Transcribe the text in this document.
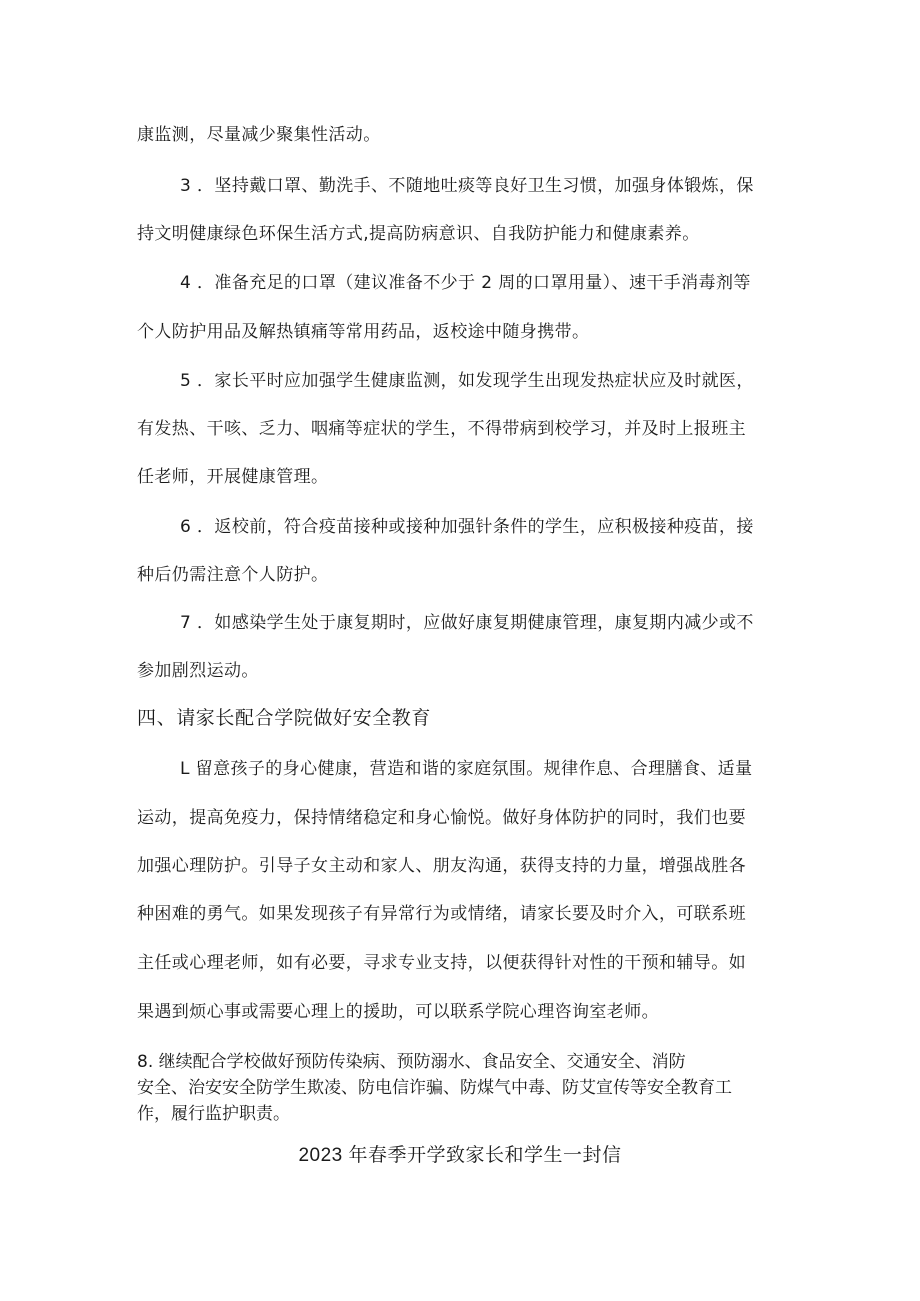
康监测，尽量减少聚集性活动。
3 ．坚持戴口罩、勤洗手、不随地吐痰等良好卫生习惯，加强身体锻炼，保
持文明健康绿色环保生活方式,提高防病意识、自我防护能力和健康素养。
4 ．准备充足的口罩（建议准备不少于 2 周的口罩用量）、速干手消毒剂等
个人防护用品及解热镇痛等常用药品，返校途中随身携带。
5 ．家长平时应加强学生健康监测，如发现学生出现发热症状应及时就医，
有发热、干咳、乏力、咽痛等症状的学生，不得带病到校学习，并及时上报班主
任老师，开展健康管理。
6 ．返校前，符合疫苗接种或接种加强针条件的学生，应积极接种疫苗，接
种后仍需注意个人防护。
7 ．如感染学生处于康复期时，应做好康复期健康管理，康复期内减少或不
参加剧烈运动。
四、请家长配合学院做好安全教育
L 留意孩子的身心健康，营造和谐的家庭氛围。规律作息、合理膳食、适量
运动，提高免疫力，保持情绪稳定和身心愉悦。做好身体防护的同时，我们也要
加强心理防护。引导子女主动和家人、朋友沟通，获得支持的力量，增强战胜各
种困难的勇气。如果发现孩子有异常行为或情绪，请家长要及时介入，可联系班
主任或心理老师，如有必要，寻求专业支持，以便获得针对性的干预和辅导。如
果遇到烦心事或需要心理上的援助，可以联系学院心理咨询室老师。
8. 继续配合学校做好预防传染病、预防溺水、食品安全、交通安全、消防
安全、治安安全防学生欺凌、防电信诈骗、防煤气中毒、防艾宣传等安全教育工
作，履行监护职责。
2023 年春季开学致家长和学生一封信
